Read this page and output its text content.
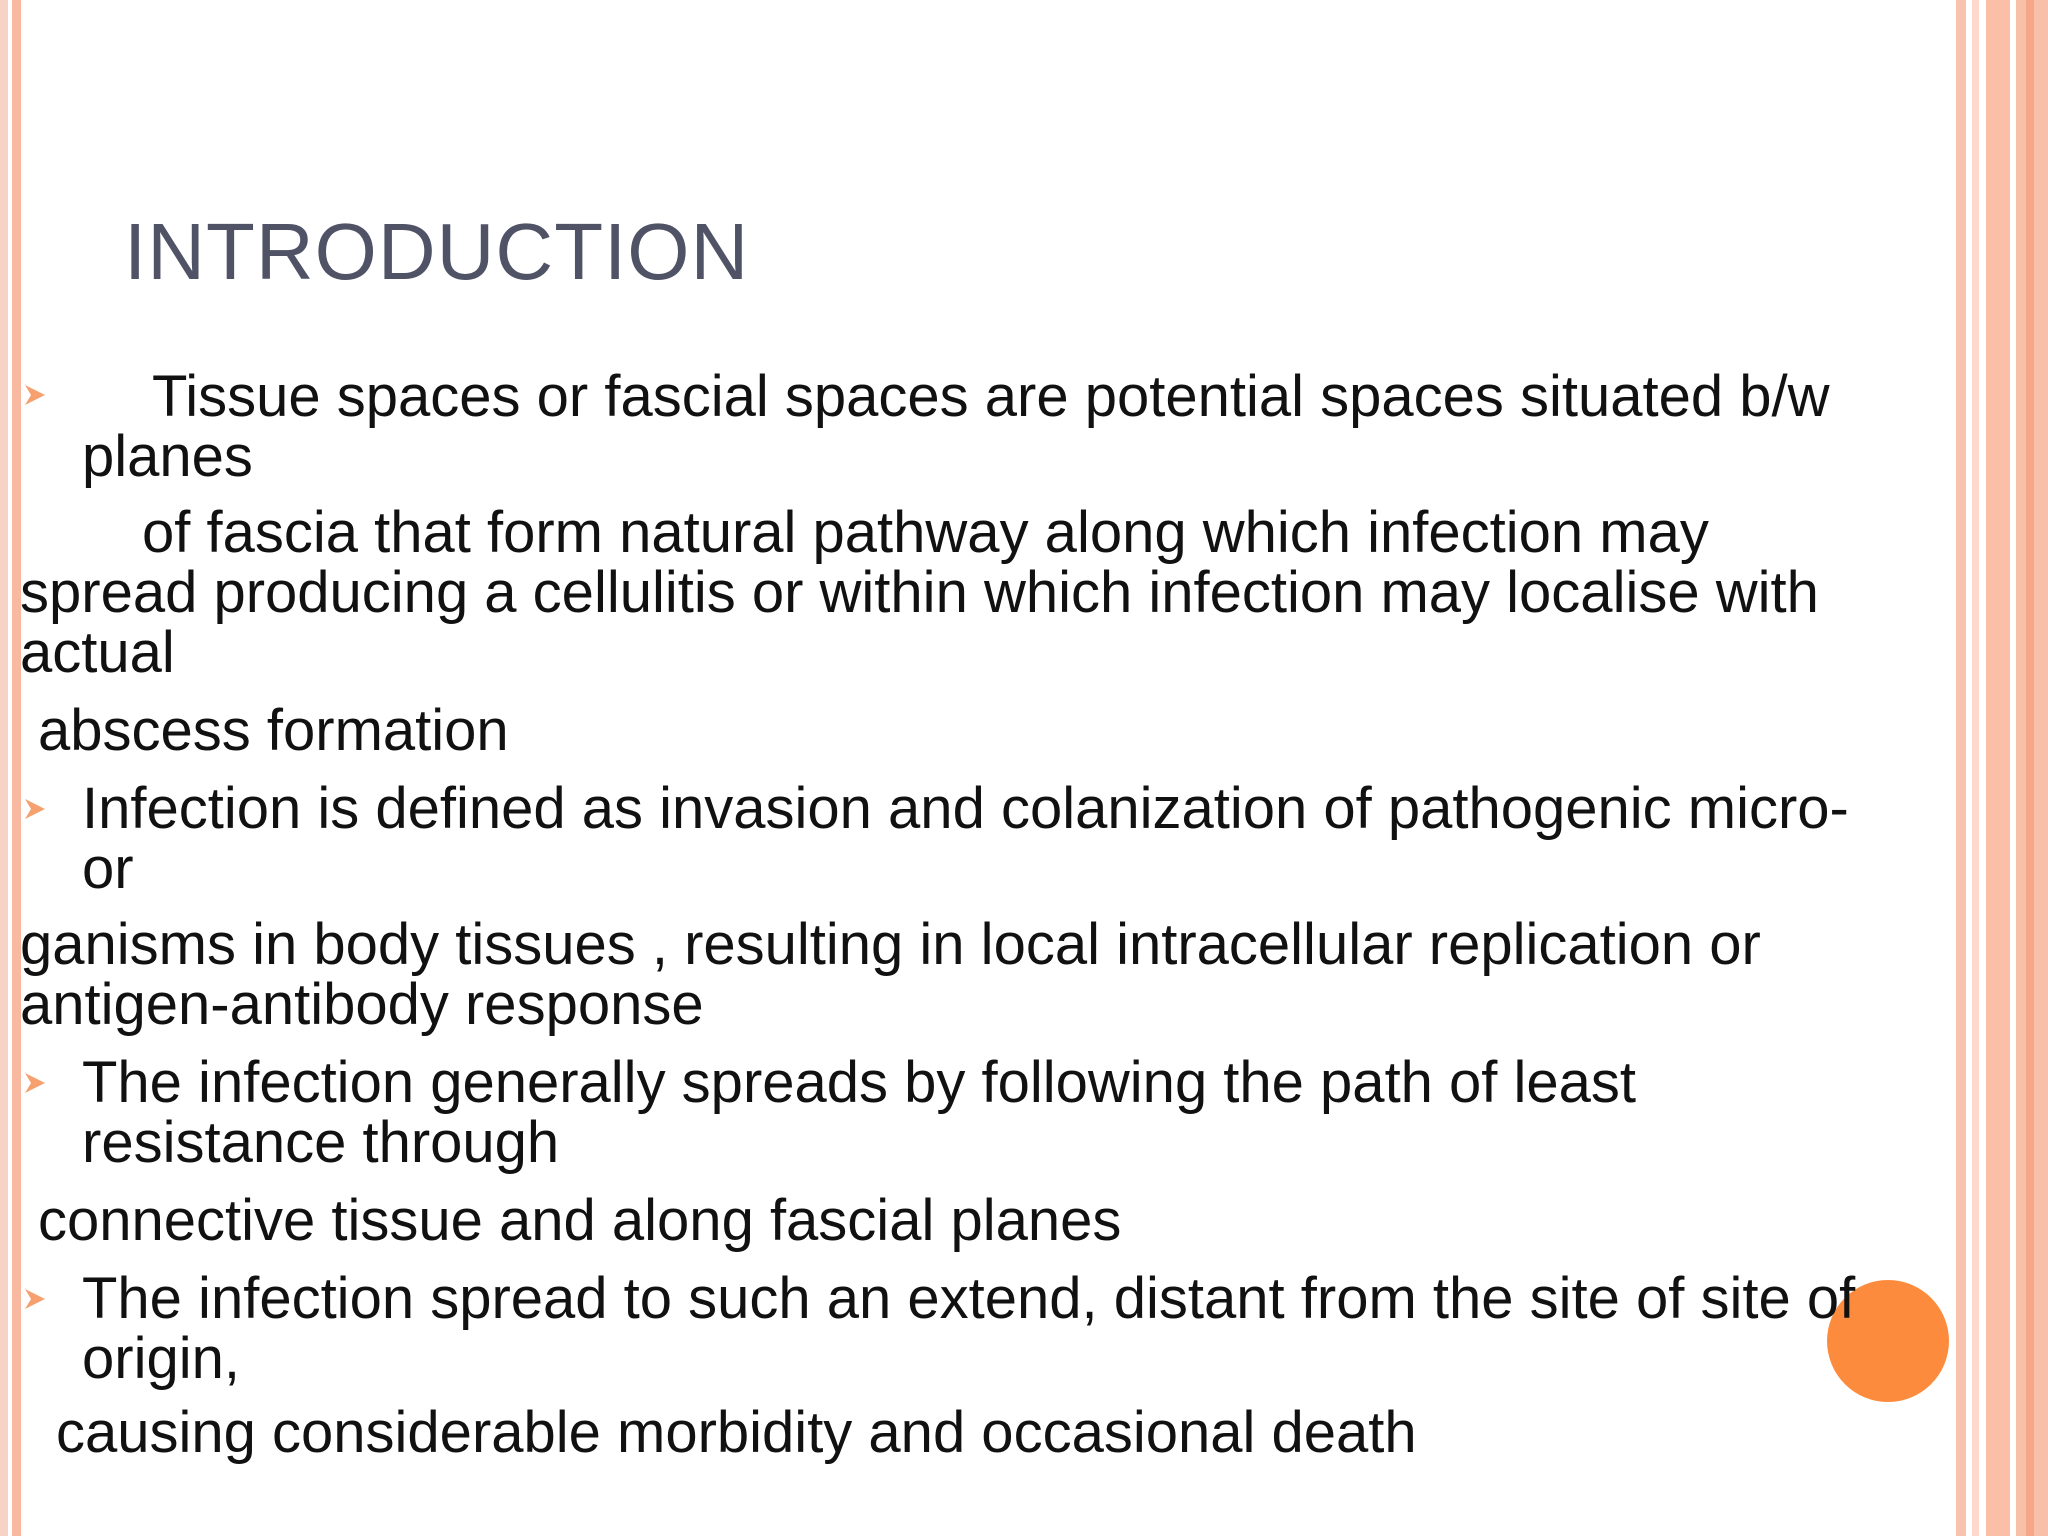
INTRODUCTION

Tissue spaces or fascial spaces are potential spaces situated b/w

planes

of fascia that form natural pathway along which infection may

spread producing a cellulitis or within which infection may localise with

actual

abscess formation

Infection is defined as invasion and colanization of pathogenic micro-

or

ganisms in body tissues , resulting in local intracellular replication or

antigen-antibody response

The infection generally spreads by following the path of least

resistance through

connective tissue and along fascial planes

The infection spread to such an extend, distant from the site of site of

origin,

causing considerable morbidity and occasional death
